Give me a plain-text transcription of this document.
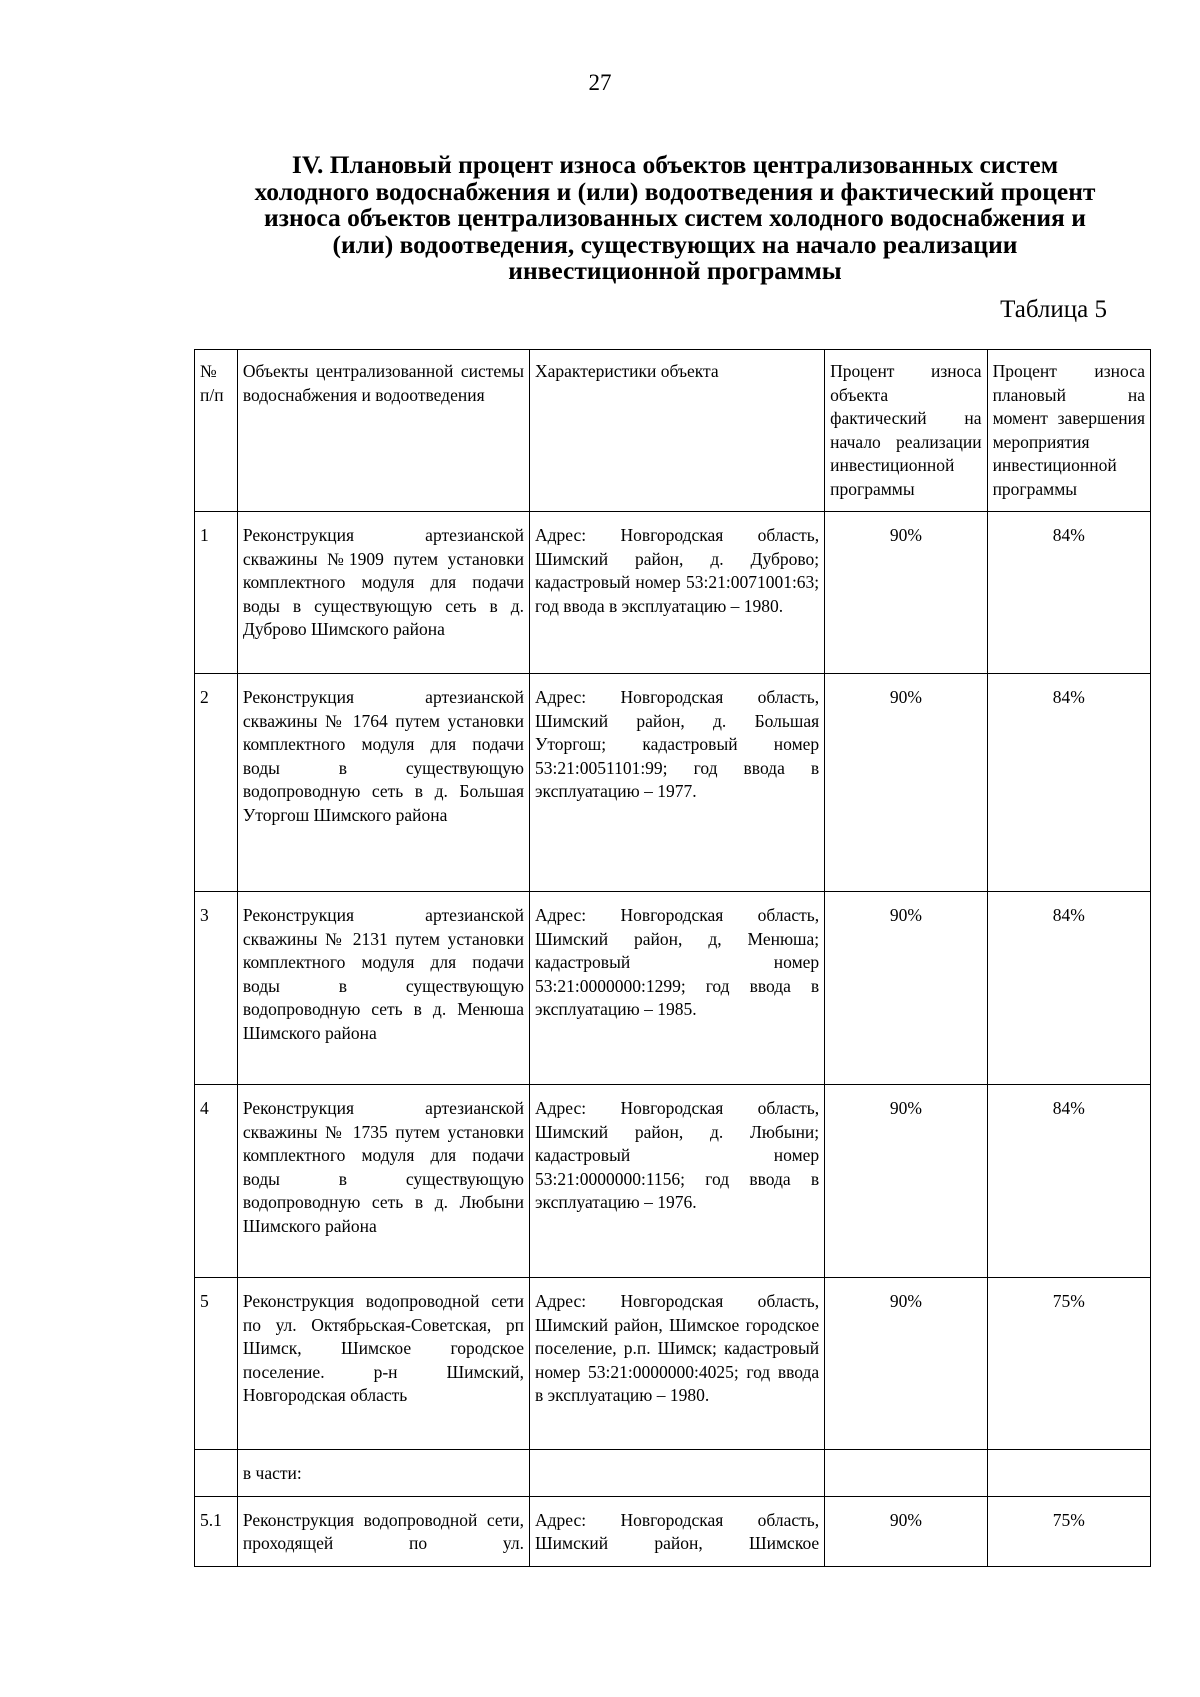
27
IV. Плановый процент износа объектов централизованных систем
холодного водоснабжения и (или) водоотведения и фактический процент
износа объектов централизованных систем холодного водоснабжения и
(или) водоотведения, существующих на начало реализации
инвестиционной программы
Таблица 5
№ п/п	Объекты централизованной системы водоснабжения и водоотведения	Характеристики объекта	Процент износа объекта фактический на начало реализации инвестиционной программы	Процент износа плановый на момент завершения мероприятия инвестиционной программы
1	Реконструкция артезианской скважины №1909 путем установки комплектного модуля для подачи воды в существующую сеть в д. Дуброво Шимского района	Адрес: Новгородская область, Шимский район, д. Дуброво; кадастровый номер 53:21:0071001:63; год ввода в эксплуатацию – 1980.	90%	84%
2	Реконструкция артезианской скважины № 1764 путем установки комплектного модуля для подачи воды в существующую водопроводную сеть в д. Большая Уторгош Шимского района	Адрес: Новгородская область, Шимский район, д. Большая Уторгош; кадастровый номер 53:21:0051101:99; год ввода в эксплуатацию – 1977.	90%	84%
3	Реконструкция артезианской скважины № 2131 путем установки комплектного модуля для подачи воды в существующую водопроводную сеть в д. Менюша Шимского района	Адрес: Новгородская область, Шимский район, д, Менюша; кадастровый номер 53:21:0000000:1299; год ввода в эксплуатацию – 1985.	90%	84%
4	Реконструкция артезианской скважины № 1735 путем установки комплектного модуля для подачи воды в существующую водопроводную сеть в д. Любыни Шимского района	Адрес: Новгородская область, Шимский район, д. Любыни; кадастровый номер 53:21:0000000:1156; год ввода в эксплуатацию – 1976.	90%	84%
5	Реконструкция водопроводной сети по ул. Октябрьская-Советская, рп Шимск, Шимское городское поселение. р-н Шимский, Новгородская область	Адрес: Новгородская область, Шимский район, Шимское городское поселение, р.п. Шимск; кадастровый номер 53:21:0000000:4025; год ввода в эксплуатацию – 1980.	90%	75%
	в части:			
5.1	Реконструкция водопроводной сети, проходящей по ул.	Адрес: Новгородская область, Шимский район, Шимское	90%	75%
